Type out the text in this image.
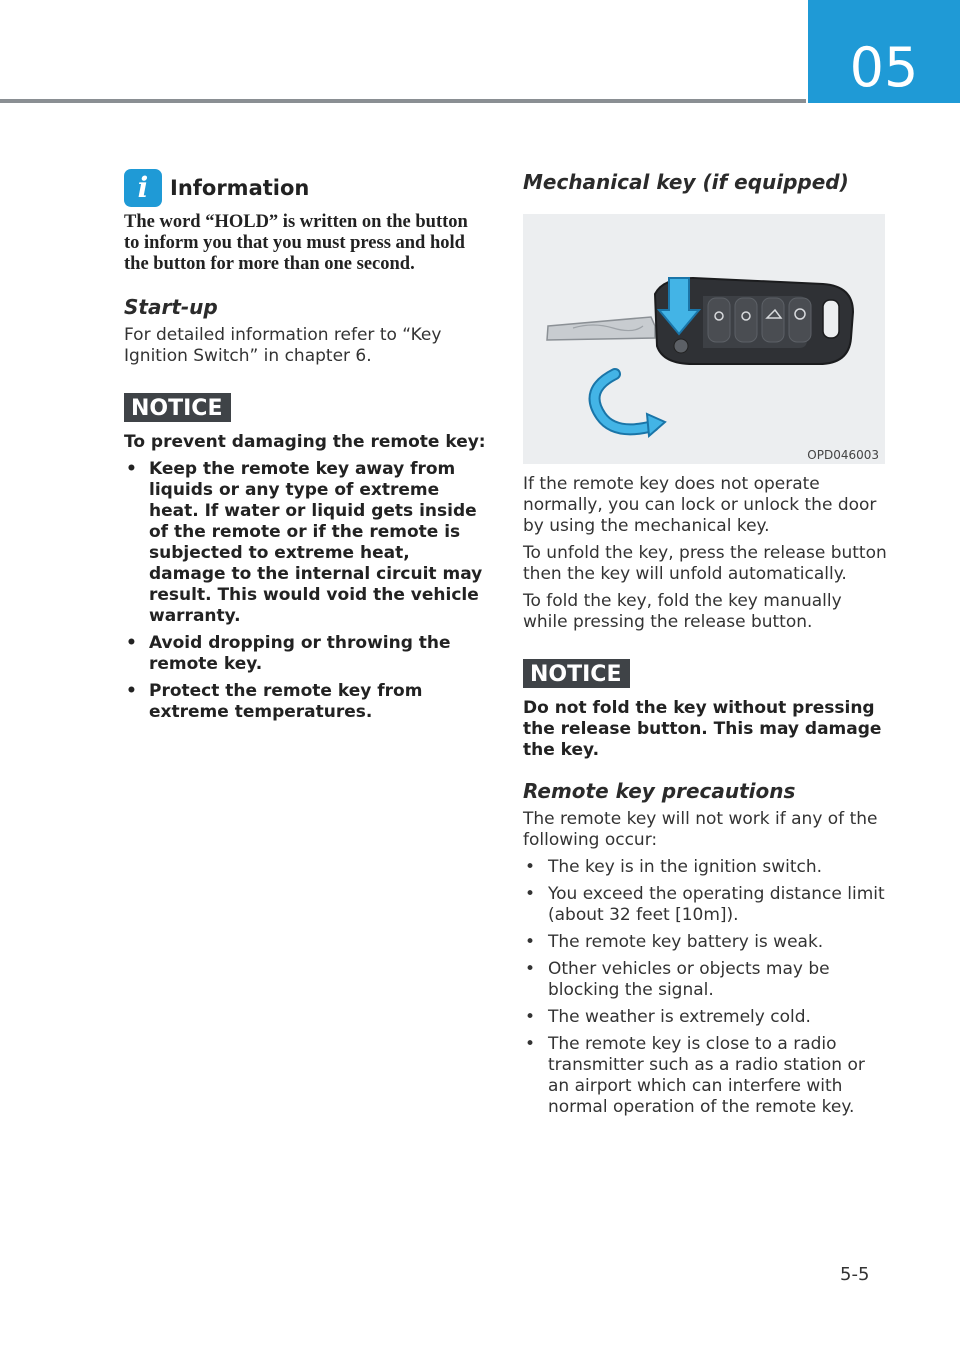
05
i	Information

The word “HOLD” is written on the button to inform you that you must press and hold the button for more than one second.

Start-up

For detailed information refer to “Key Ignition Switch” in chapter 6.

NOTICE

To prevent damaging the remote key:

• Keep the remote key away from liquids or any type of extreme heat. If water or liquid gets inside of the remote or if the remote is subjected to extreme heat, damage to the internal circuit may result. This would void the vehicle warranty.
• Avoid dropping or throwing the remote key.
• Protect the remote key from extreme temperatures.
Mechanical key (if equipped)
OPD046003

If the remote key does not operate normally, you can lock or unlock the door by using the mechanical key.

To unfold the key, press the release button then the key will unfold automatically.

To fold the key, fold the key manually while pressing the release button.

NOTICE

Do not fold the key without pressing the release button. This may damage the key.

Remote key precautions

The remote key will not work if any of the following occur:

• The key is in the ignition switch.
• You exceed the operating distance limit (about 32 feet [10m]).
• The remote key battery is weak.
• Other vehicles or objects may be blocking the signal.
• The weather is extremely cold.
• The remote key is close to a radio transmitter such as a radio station or an airport which can interfere with normal operation of the remote key.
5-5
